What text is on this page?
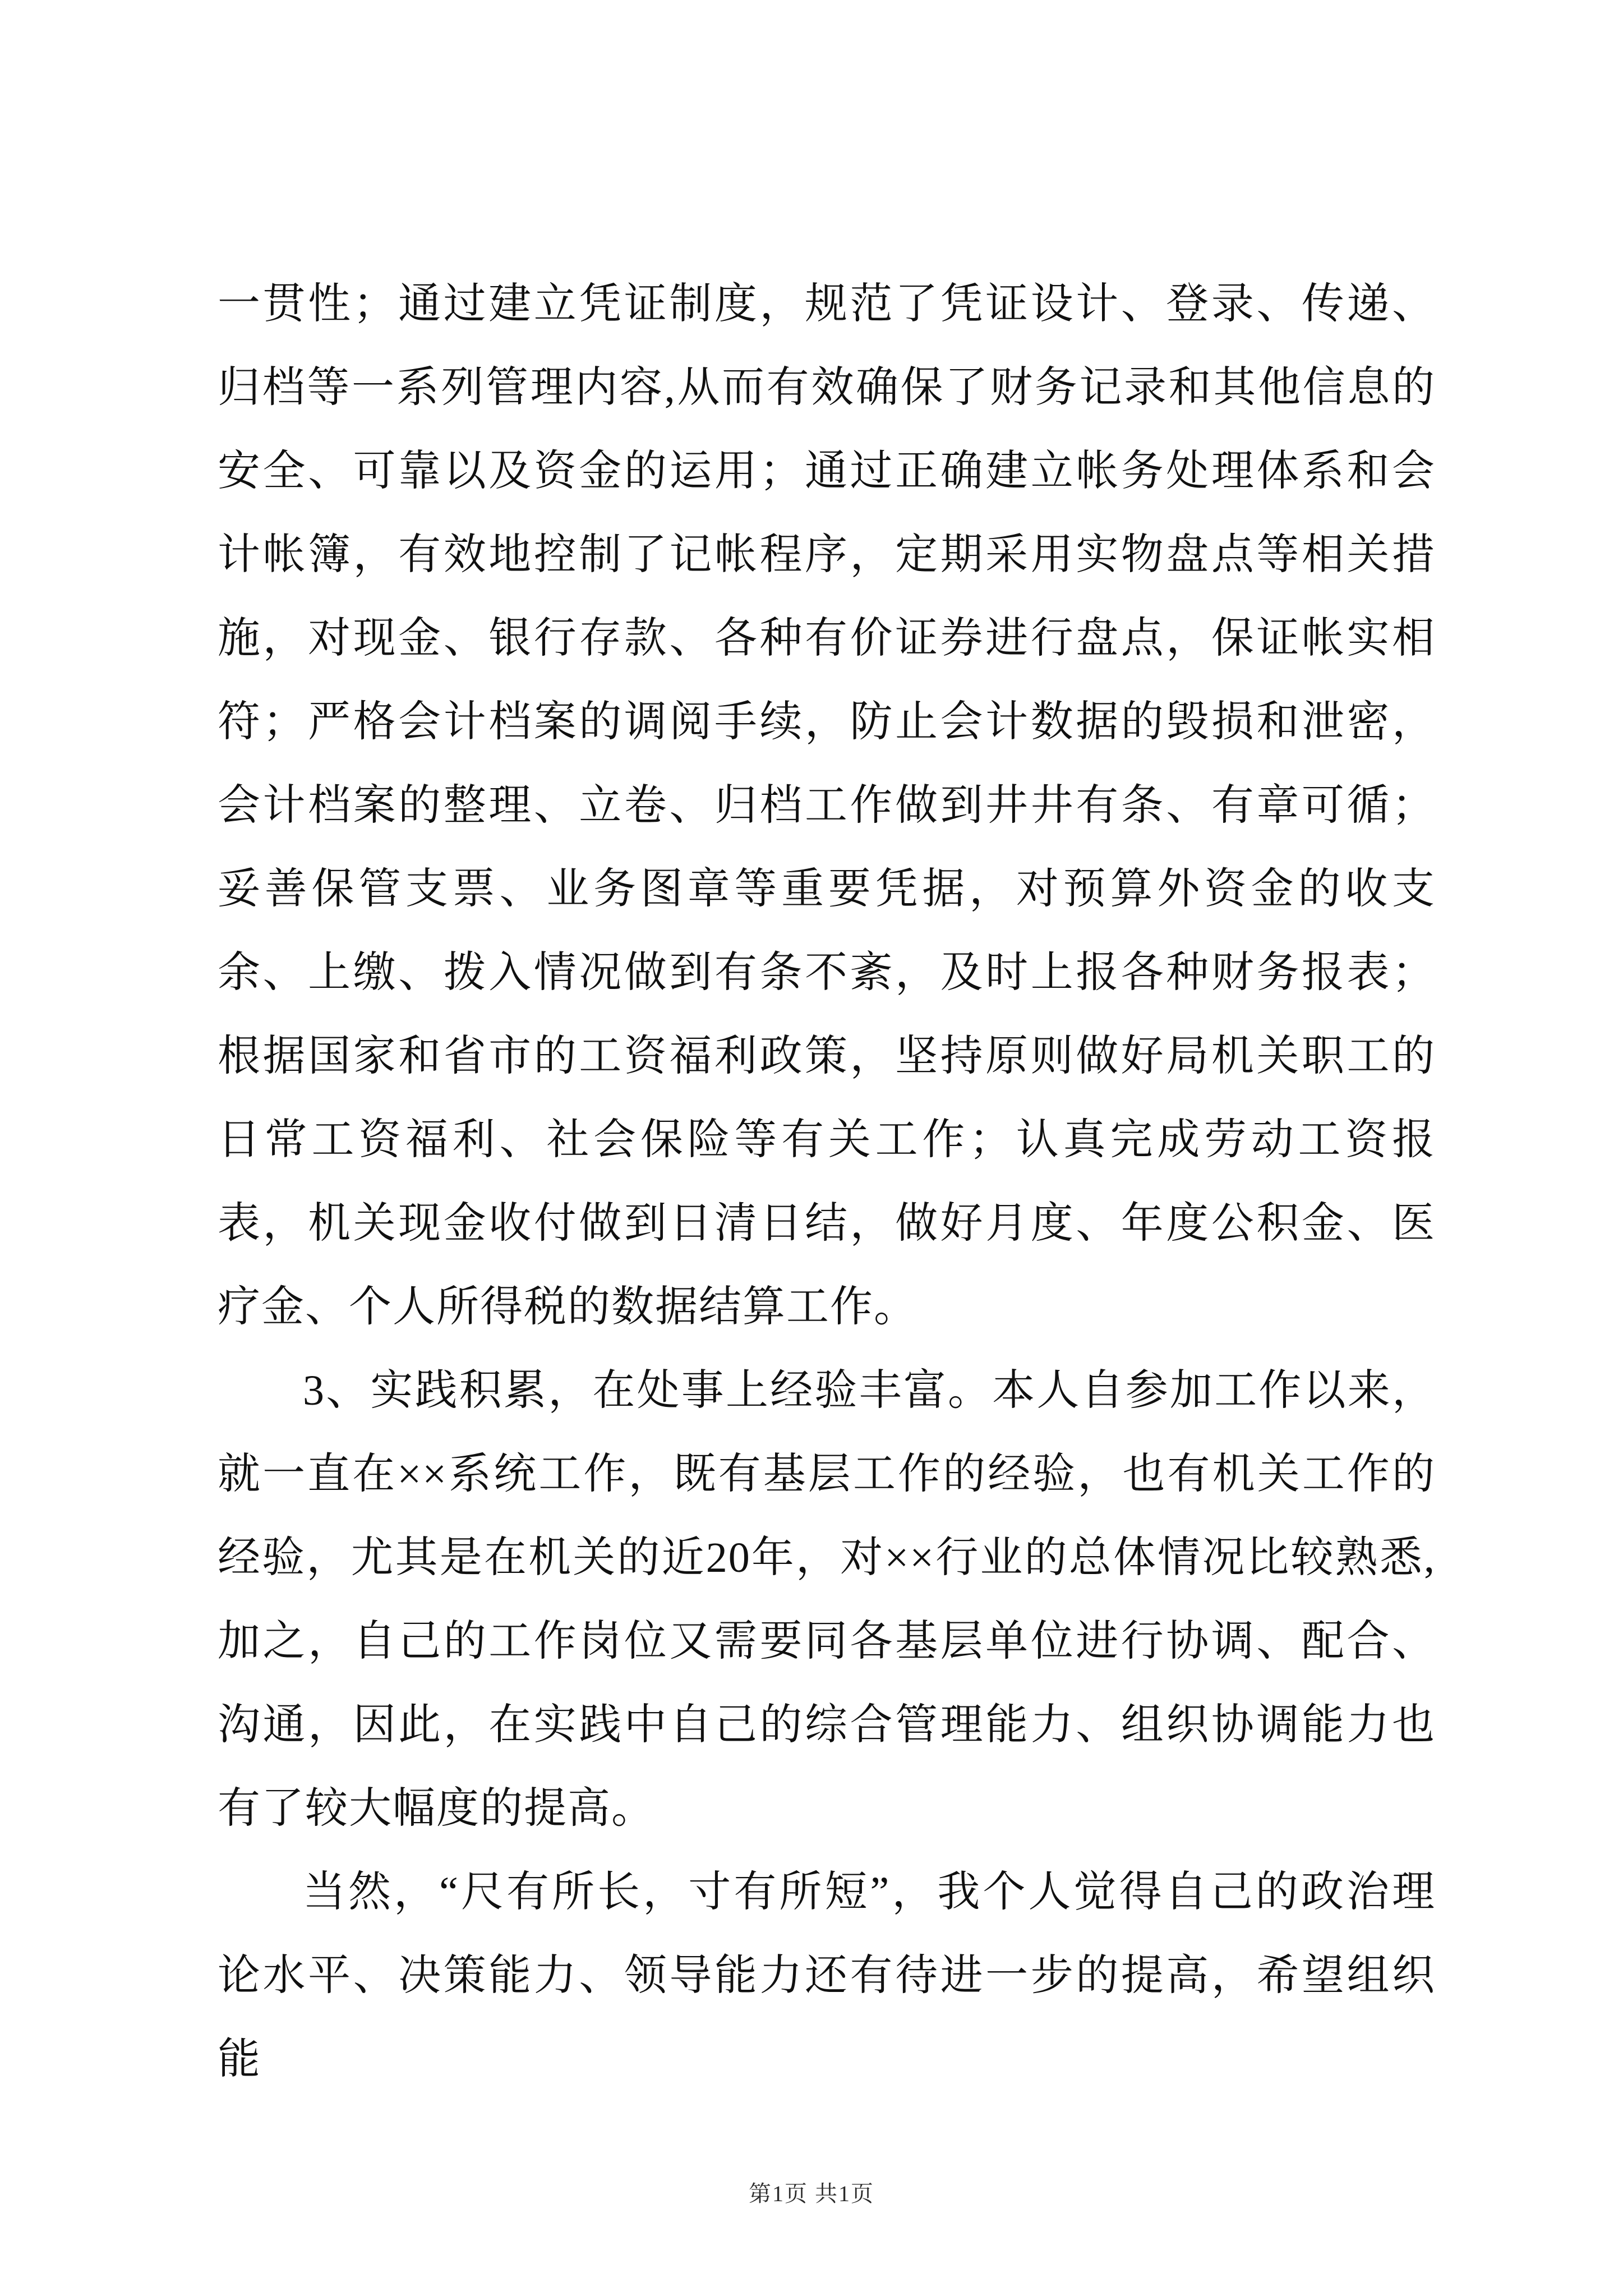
一贯性；通过建立凭证制度，规范了凭证设计、登录、传递、归档等一系列管理内容,从而有效确保了财务记录和其他信息的安全、可靠以及资金的运用；通过正确建立帐务处理体系和会计帐簿，有效地控制了记帐程序，定期采用实物盘点等相关措施，对现金、银行存款、各种有价证券进行盘点，保证帐实相符；严格会计档案的调阅手续，防止会计数据的毁损和泄密，会计档案的整理、立卷、归档工作做到井井有条、有章可循；妥善保管支票、业务图章等重要凭据，对预算外资金的收支余、上缴、拨入情况做到有条不紊，及时上报各种财务报表；根据国家和省市的工资福利政策，坚持原则做好局机关职工的日常工资福利、社会保险等有关工作；认真完成劳动工资报表，机关现金收付做到日清日结，做好月度、年度公积金、医疗金、个人所得税的数据结算工作。

3、实践积累，在处事上经验丰富。本人自参加工作以来，就一直在××系统工作，既有基层工作的经验，也有机关工作的经验，尤其是在机关的近20年，对××行业的总体情况比较熟悉,加之，自己的工作岗位又需要同各基层单位进行协调、配合、沟通，因此，在实践中自己的综合管理能力、组织协调能力也有了较大幅度的提高。

当然，“尺有所长，寸有所短”，我个人觉得自己的政治理论水平、决策能力、领导能力还有待进一步的提高，希望组织能

第1页 共1页
